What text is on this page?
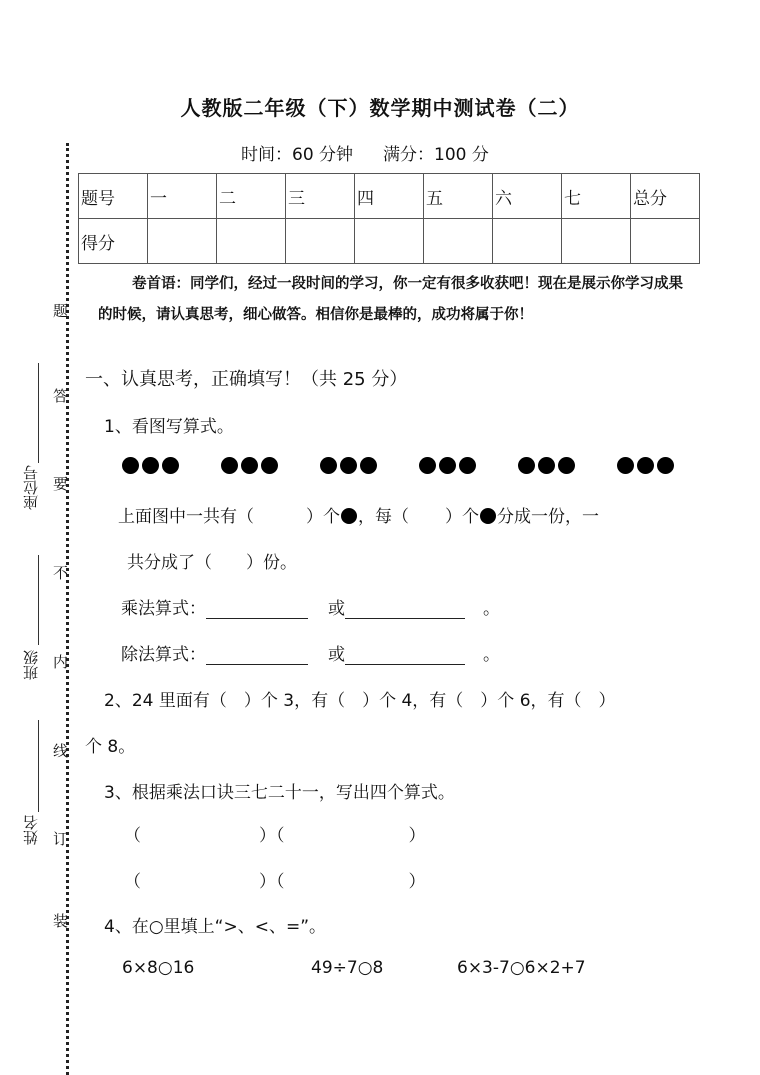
题
答
要
不
内
线
订
装
座位号
班级
姓名
人教版二年级（下）数学期中测试卷（二）
时间：60 分钟 满分：100 分
题号	一	二	三	四	五	六	七	总分
得分								
卷首语：同学们，经过一段时间的学习，你一定有很多收获吧！现在是展示你学习成果的时候，请认真思考，细心做答。相信你是最棒的，成功将属于你！
一、认真思考，正确填写！（共 25 分）
1、看图写算式。

上面图中一共有（	）个 ，每（ ）个 分成一份，一
共分成了（　　）份。
乘法算式：	或	。
除法算式：	或	。
2、24 里面有（　）个 3，有（　）个 4，有（　）个 6，有（　）
个 8。
3、根据乘法口诀三七二十一，写出四个算式。
（	）（	）
（	）（	）
4、在○里填上“>、<、=”。
6×8○16	49÷7○8	6×3-7○6×2+7
